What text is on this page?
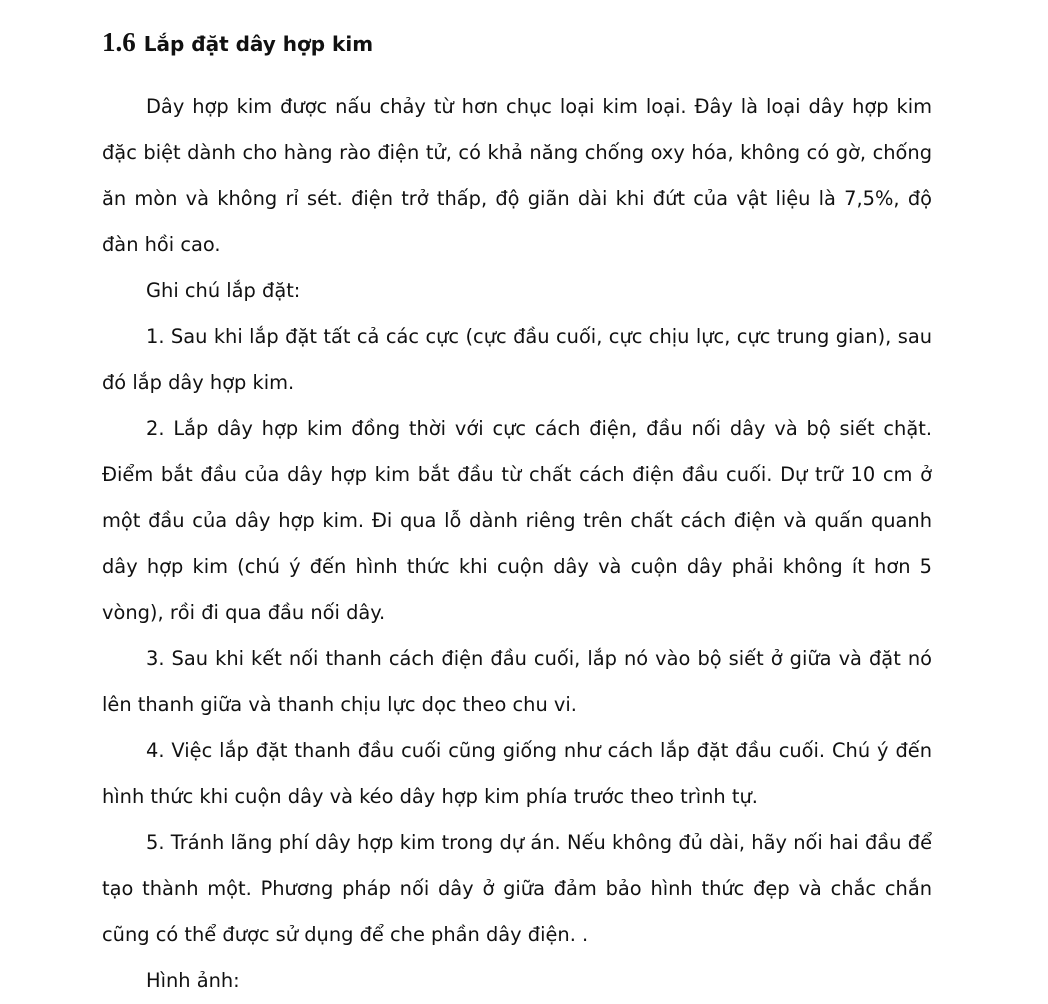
1.6 Lắp đặt dây hợp kim

Dây hợp kim được nấu chảy từ hơn chục loại kim loại. Đây là loại dây hợp kim đặc biệt dành cho hàng rào điện tử, có khả năng chống oxy hóa, không có gờ, chống ăn mòn và không rỉ sét. điện trở thấp, độ giãn dài khi đứt của vật liệu là 7,5%, độ đàn hồi cao.

Ghi chú lắp đặt:

1. Sau khi lắp đặt tất cả các cực (cực đầu cuối, cực chịu lực, cực trung gian), sau đó lắp dây hợp kim.

2. Lắp dây hợp kim đồng thời với cực cách điện, đầu nối dây và bộ siết chặt. Điểm bắt đầu của dây hợp kim bắt đầu từ chất cách điện đầu cuối. Dự trữ 10 cm ở một đầu của dây hợp kim. Đi qua lỗ dành riêng trên chất cách điện và quấn quanh dây hợp kim (chú ý đến hình thức khi cuộn dây và cuộn dây phải không ít hơn 5 vòng), rồi đi qua đầu nối dây.

3. Sau khi kết nối thanh cách điện đầu cuối, lắp nó vào bộ siết ở giữa và đặt nó lên thanh giữa và thanh chịu lực dọc theo chu vi.

4. Việc lắp đặt thanh đầu cuối cũng giống như cách lắp đặt đầu cuối. Chú ý đến hình thức khi cuộn dây và kéo dây hợp kim phía trước theo trình tự.

5. Tránh lãng phí dây hợp kim trong dự án. Nếu không đủ dài, hãy nối hai đầu để tạo thành một. Phương pháp nối dây ở giữa đảm bảo hình thức đẹp và chắc chắn cũng có thể được sử dụng để che phần dây điện. .

Hình ảnh:
